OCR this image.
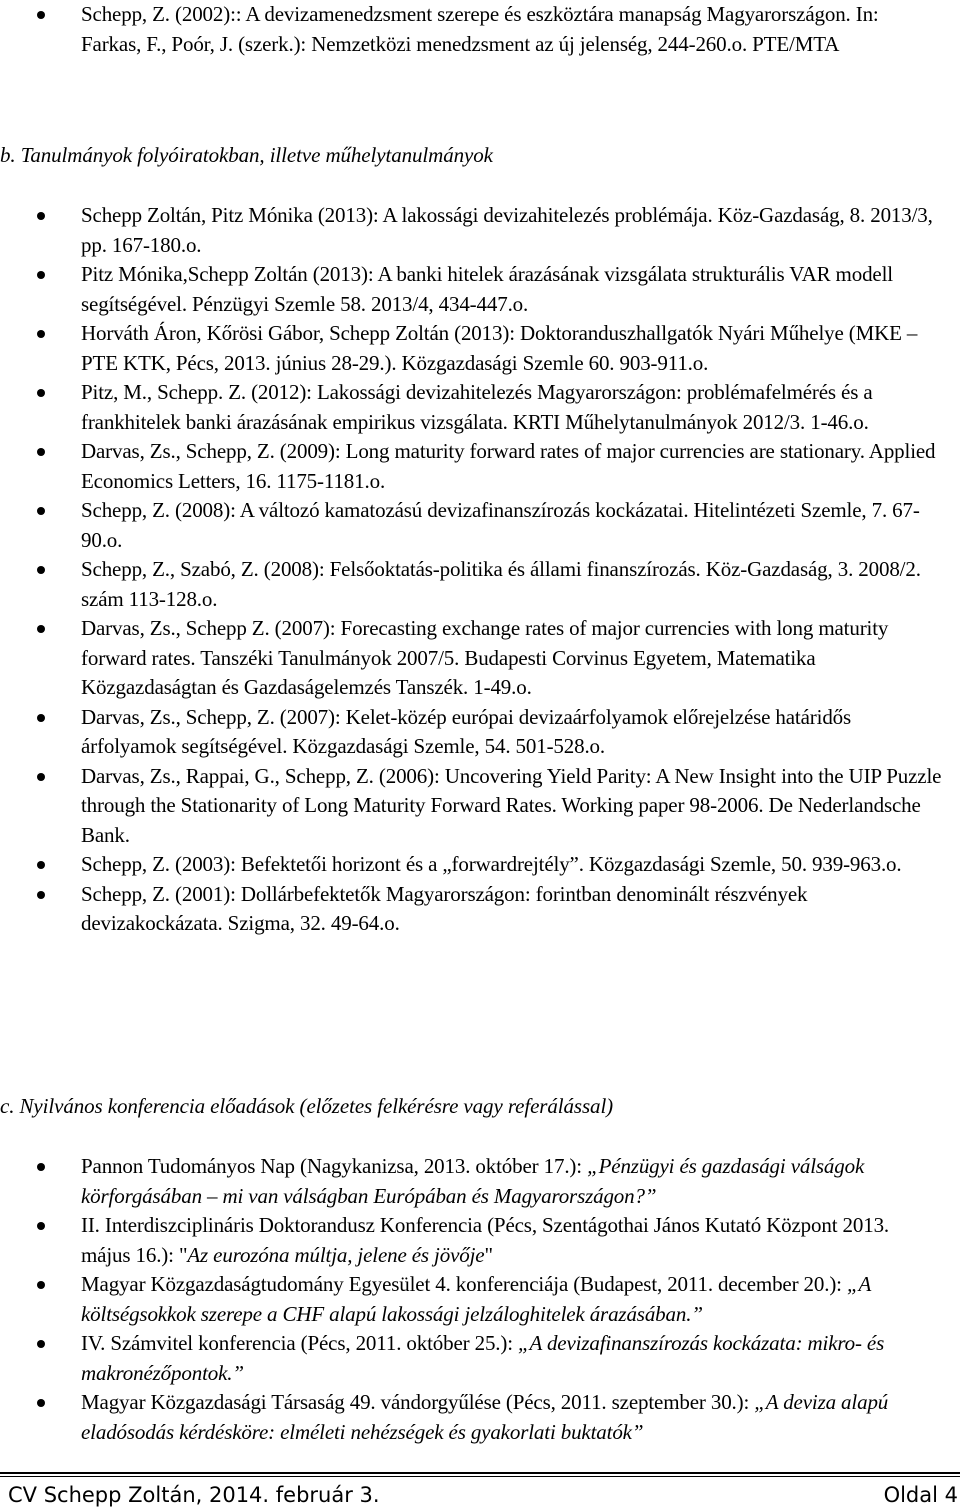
Schepp, Z. (2002):: A devizamenedzsment szerepe és eszköztára manapság Magyarországon. In: Farkas, F., Poór, J. (szerk.): Nemzetközi menedzsment az új jelenség, 244-260.o. PTE/MTA
b. Tanulmányok folyóiratokban, illetve műhelytanulmányok
Schepp Zoltán, Pitz Mónika (2013): A lakossági devizahitelezés problémája. Köz-Gazdaság, 8. 2013/3, pp. 167-180.o.
Pitz Mónika,Schepp Zoltán (2013): A banki hitelek árazásának vizsgálata strukturális VAR modell segítségével. Pénzügyi Szemle 58. 2013/4, 434-447.o.
Horváth Áron, Kőrösi Gábor, Schepp Zoltán (2013): Doktoranduszhallgatók Nyári Műhelye (MKE – PTE KTK, Pécs, 2013. június 28-29.). Közgazdasági Szemle 60. 903-911.o.
Pitz, M., Schepp. Z. (2012): Lakossági devizahitelezés Magyarországon: problémafelmérés és a frankhitelek banki árazásának empirikus vizsgálata. KRTI Műhelytanulmányok 2012/3. 1-46.o.
Darvas, Zs., Schepp, Z. (2009): Long maturity forward rates of major currencies are stationary. Applied Economics Letters, 16. 1175-1181.o.
Schepp, Z. (2008): A változó kamatozású devizafinanszírozás kockázatai. Hitelintézeti Szemle, 7. 67-90.o.
Schepp, Z., Szabó, Z. (2008): Felsőoktatás-politika és állami finanszírozás. Köz-Gazdaság, 3. 2008/2. szám 113-128.o.
Darvas, Zs., Schepp Z. (2007): Forecasting exchange rates of major currencies with long maturity forward rates. Tanszéki Tanulmányok 2007/5. Budapesti Corvinus Egyetem, Matematika Közgazdaságtan és Gazdaságelemzés Tanszék. 1-49.o.
Darvas, Zs., Schepp, Z. (2007): Kelet-közép európai devizaárfolyamok előrejelzése határidős árfolyamok segítségével. Közgazdasági Szemle, 54. 501-528.o.
Darvas, Zs., Rappai, G., Schepp, Z. (2006): Uncovering Yield Parity: A New Insight into the UIP Puzzle through the Stationarity of Long Maturity Forward Rates. Working paper 98-2006. De Nederlandsche Bank.
Schepp, Z. (2003): Befektetői horizont és a „forwardrejtély”. Közgazdasági Szemle, 50. 939-963.o.
Schepp, Z. (2001): Dollárbefektetők Magyarországon: forintban denominált részvények devizakockázata. Szigma, 32. 49-64.o.
c. Nyilvános konferencia előadások (előzetes felkérésre vagy referálással)
Pannon Tudományos Nap (Nagykanizsa, 2013. október 17.): „Pénzügyi és gazdasági válságok körforgásában – mi van válságban Európában és Magyarországon?”
II. Interdiszciplináris Doktorandusz Konferencia (Pécs, Szentágothai János Kutató Központ 2013. május 16.): "Az eurozóna múltja, jelene és jövője"
Magyar Közgazdaságtudomány Egyesület 4. konferenciája (Budapest, 2011. december 20.): „A költségsokkok szerepe a CHF alapú lakossági jelzáloghitelek árazásában.”
IV. Számvitel konferencia (Pécs, 2011. október 25.): „A devizafinanszírozás kockázata: mikro- és makronézőpontok.”
Magyar Közgazdasági Társaság 49. vándorgyűlése (Pécs, 2011. szeptember 30.): „A deviza alapú eladósodás kérdésköre: elméleti nehézségek és gyakorlati buktatók”
CV Schepp Zoltán, 2014. február 3.	Oldal 4
